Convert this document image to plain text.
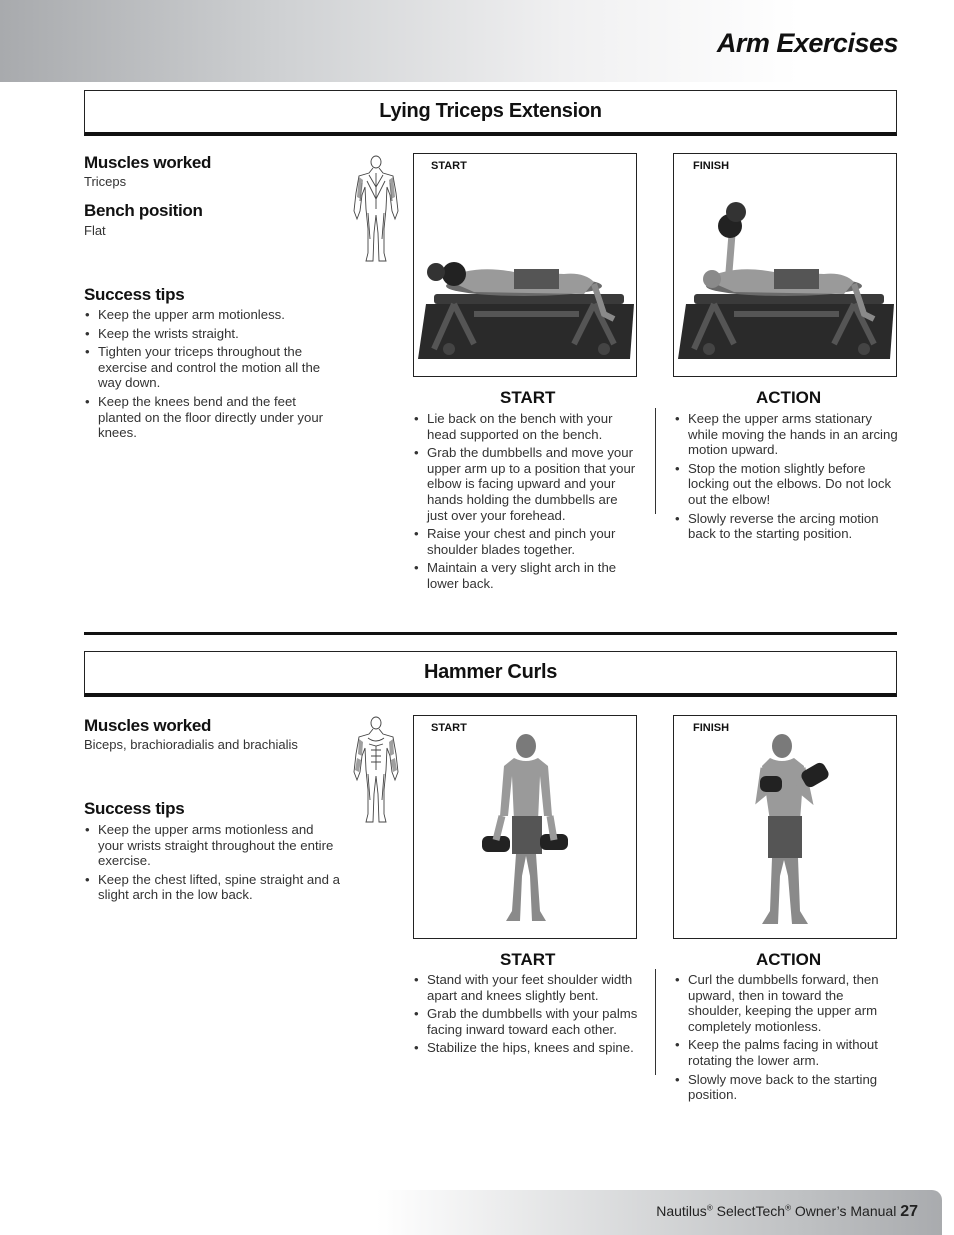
Arm Exercises
Lying Triceps Extension
Muscles worked
Triceps
Bench position
Flat
Success tips
• Keep the upper arm motionless.
• Keep the wrists straight.
• Tighten your triceps throughout the exercise and control the motion all the way down.
• Keep the knees bend and the feet planted on the floor directly under your knees.
START	FINISH
START
• Lie back on the bench with your head supported on the bench.
• Grab the dumbbells and move your upper arm up to a position that your elbow is facing upward and your hands holding the dumbbells are just over your forehead.
• Raise your chest and pinch your shoulder blades together.
• Maintain a very slight arch in the lower back.
ACTION
• Keep the upper arms stationary while moving the hands in an arcing motion upward.
• Stop the motion slightly before locking out the elbows. Do not lock out the elbow!
• Slowly reverse the arcing motion back to the starting position.
Hammer Curls
Muscles worked
Biceps, brachioradialis and brachialis
Success tips
• Keep the upper arms motionless and your wrists straight throughout the entire exercise.
• Keep the chest lifted, spine straight and a slight arch in the low back.
START	FINISH
START
• Stand with your feet shoulder width apart and knees slightly bent.
• Grab the dumbbells with your palms facing inward toward each other.
• Stabilize the hips, knees and spine.
ACTION
• Curl the dumbbells forward, then upward, then in toward the shoulder, keeping the upper arm completely motionless.
• Keep the palms facing in without rotating the lower arm.
• Slowly move back to the starting position.
Nautilus® SelectTech® Owner’s Manual 27
